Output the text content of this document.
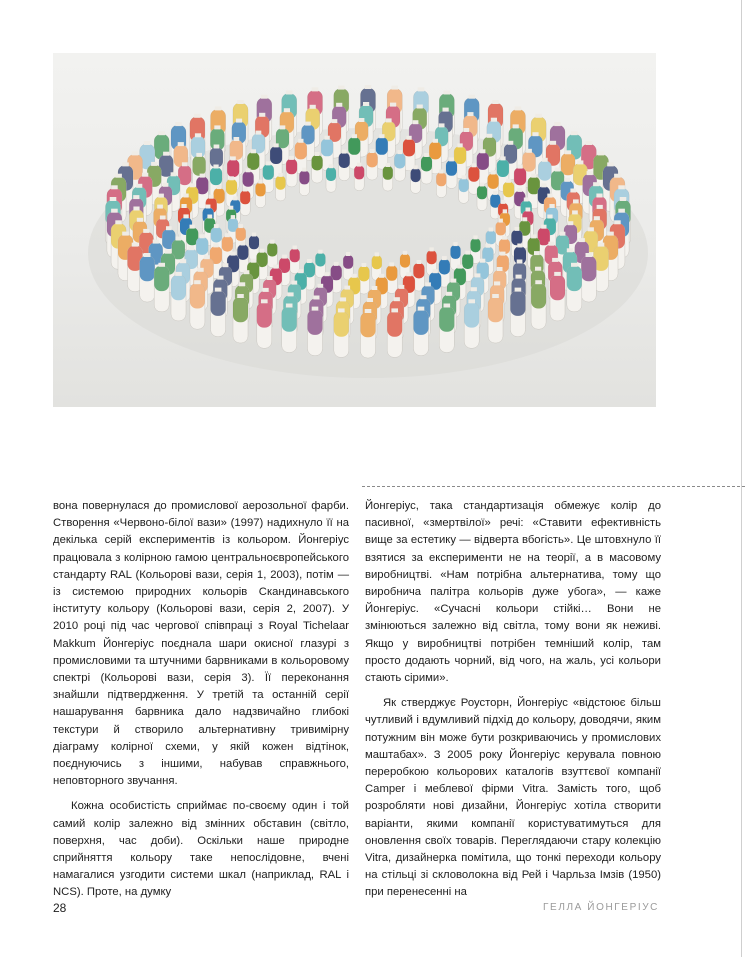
вона повернулася до промислової аерозольної фарби. Створення «Червоно-білої вази» (1997) надихнуло її на декілька серій експериментів із кольором. Йонгеріус працювала з колірною гамою центральноєвропейського стандарту RAL (Кольорові вази, серія 1, 2003), потім — із системою природних кольорів Скандинавського інституту кольору (Кольорові вази, серія 2, 2007). У 2010 році під час чергової співпраці з Royal Tichelaar Makkum Йонгеріус поєднала шари окисної глазурі з промисловими та штучними барвниками в кольоровому спектрі (Кольорові вази, серія 3). Її переконання знайшли підтвердження. У третій та останній серії нашарування барвника дало надзвичайно глибокі текстури й створило альтернативну тривимірну діаграму колірної схеми, у якій кожен відтінок, поєднуючись з іншими, набував справжнього, неповторного звучання.

Кожна особистість сприймає по-своєму один і той самий колір залежно від змінних обставин (світло, поверхня, час доби). Оскільки наше природне сприйняття кольору таке непослідовне, вчені намагалися узгодити системи шкал (наприклад, RAL і NCS). Проте, на думку

Йонгеріус, така стандартизація обмежує колір до пасивної, «змертвілої» речі: «Ставити ефективність вище за естетику — відверта вбогість». Це штовхнуло її взятися за експерименти не на теорії, а в масовому виробництві. «Нам потрібна альтернатива, тому що виробнича палітра кольорів дуже убога», — каже Йонгеріус. «Сучасні кольори стійкі… Вони не змінюються залежно від світла, тому вони як неживі. Якщо у виробництві потрібен темніший колір, там просто додають чорний, від чого, на жаль, усі кольори стають сірими».

Як стверджує Роусторн, Йонгеріус «відстоює більш чутливий і вдумливий підхід до кольору, доводячи, яким потужним він може бути розкриваючись у промислових маштабах». З 2005 року Йонгеріус керувала повною переробкою кольорових каталогів взуттєвої компанії Camper і меблевої фірми Vitra. Замість того, щоб розробляти нові дизайни, Йонгеріус хотіла створити варіанти, якими компанії користуватимуться для оновлення своїх товарів. Переглядаючи стару колекцію Vitra, дизайнерка помітила, що тонкі переходи кольору на стільці зі скловолокна від Рей і Чарльза Імзів (1950) при перенесенні на

28	ГЕЛЛА ЙОНГЕРІУС
